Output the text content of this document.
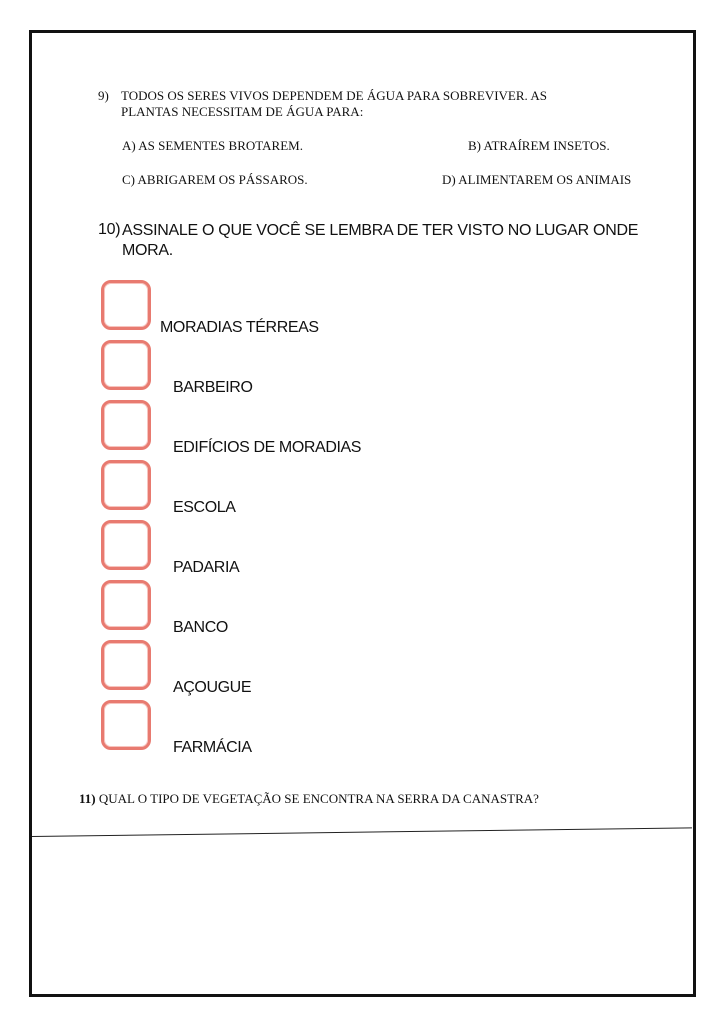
9) TODOS OS SERES VIVOS DEPENDEM DE ÁGUA PARA SOBREVIVER. AS
PLANTAS NECESSITAM DE ÁGUA PARA:
A) AS SEMENTES BROTAREM.	B) ATRAÍREM INSETOS.
C) ABRIGAREM OS PÁSSAROS.	D) ALIMENTAREM OS ANIMAIS
10) ASSINALE O QUE VOCÊ SE LEMBRA DE TER VISTO NO LUGAR ONDE
MORA.
MORADIAS TÉRREAS
BARBEIRO
EDIFÍCIOS DE MORADIAS
ESCOLA
PADARIA
BANCO
AÇOUGUE
FARMÁCIA
11) QUAL O TIPO DE VEGETAÇÃO SE ENCONTRA NA SERRA DA CANASTRA?
